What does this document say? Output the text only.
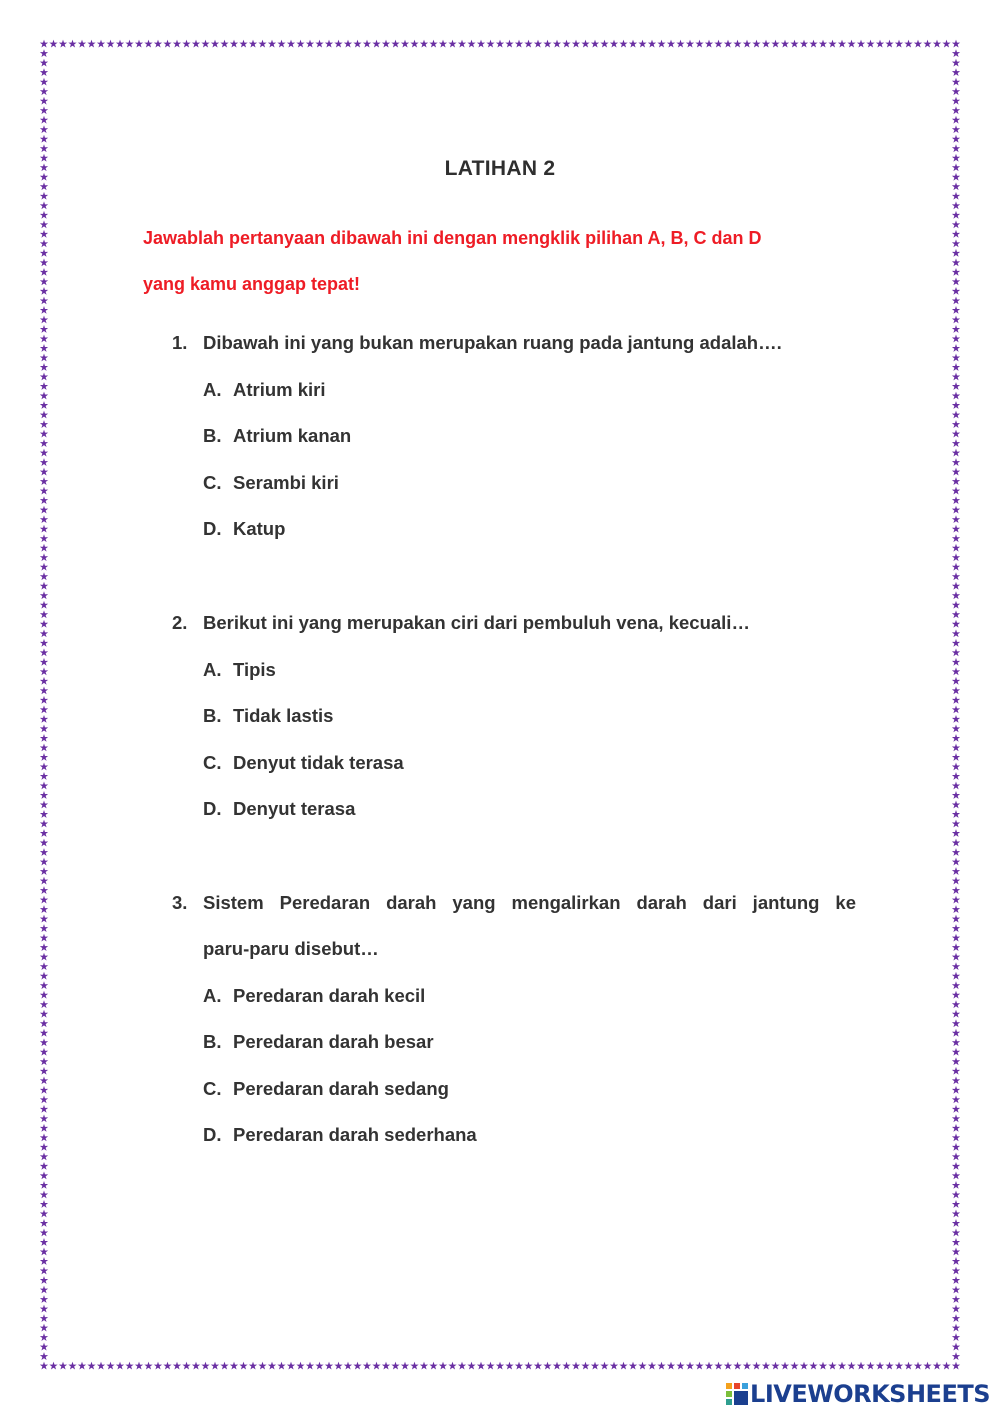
LATIHAN 2
Jawablah pertanyaan dibawah ini dengan mengklik pilihan A, B, C dan D
yang kamu anggap tepat!
1. Dibawah ini yang bukan merupakan ruang pada jantung adalah….
A. Atrium kiri
B. Atrium kanan
C. Serambi kiri
D. Katup
2. Berikut ini yang merupakan ciri dari pembuluh vena, kecuali…
A. Tipis
B. Tidak lastis
C. Denyut tidak terasa
D. Denyut terasa
3. Sistem Peredaran darah yang mengalirkan darah dari jantung ke
paru-paru disebut…
A. Peredaran darah kecil
B. Peredaran darah besar
C. Peredaran darah sedang
D. Peredaran darah sederhana
LIVEWORKSHEETS
